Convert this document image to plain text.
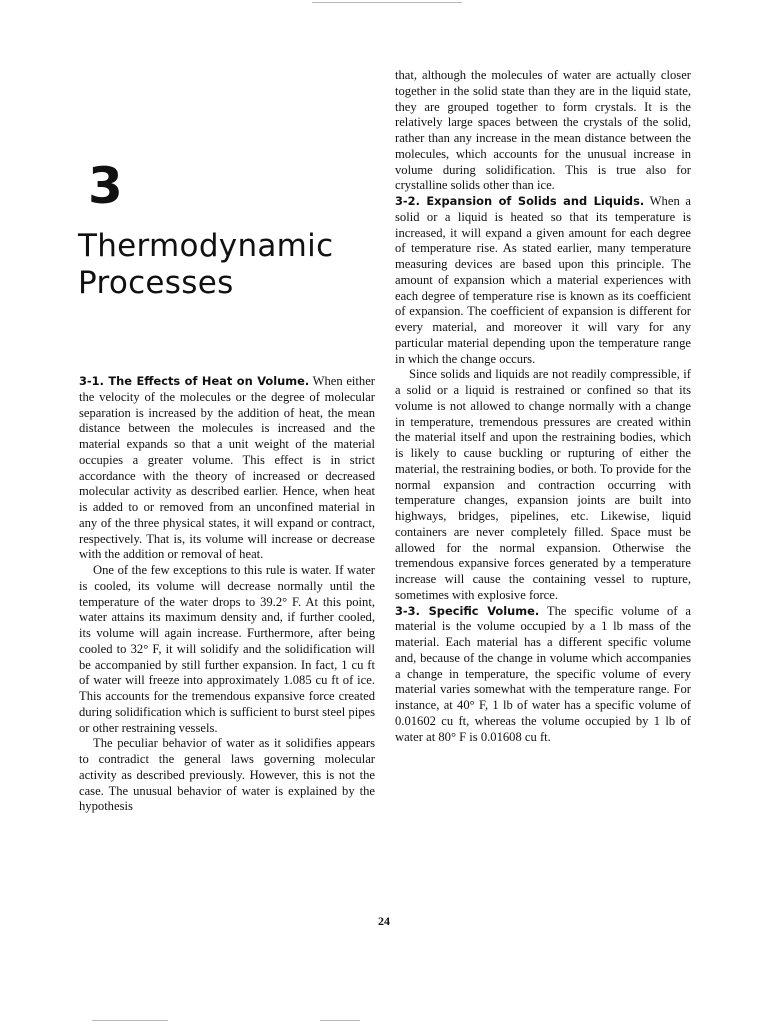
3
Thermodynamic
Processes

3-1. The Effects of Heat on Volume. When either the velocity of the molecules or the degree of molecular separation is increased by the addition of heat, the mean distance between the molecules is increased and the material expands so that a unit weight of the material occupies a greater volume. This effect is in strict accordance with the theory of increased or decreased molecular activity as described earlier. Hence, when heat is added to or removed from an unconfined material in any of the three physical states, it will expand or contract, respectively. That is, its volume will increase or decrease with the addition or removal of heat.

One of the few exceptions to this rule is water. If water is cooled, its volume will decrease normally until the temperature of the water drops to 39.2° F. At this point, water attains its maximum density and, if further cooled, its volume will again increase. Furthermore, after being cooled to 32° F, it will solidify and the solidification will be accompanied by still further expansion. In fact, 1 cu ft of water will freeze into approximately 1.085 cu ft of ice. This accounts for the tremendous expansive force created during solidification which is sufficient to burst steel pipes or other restraining vessels.

The peculiar behavior of water as it solidifies appears to contradict the general laws governing molecular activity as described previously. However, this is not the case. The unusual behavior of water is explained by the hypothesis

that, although the molecules of water are actually closer together in the solid state than they are in the liquid state, they are grouped together to form crystals. It is the relatively large spaces between the crystals of the solid, rather than any increase in the mean distance between the molecules, which accounts for the unusual increase in volume during solidification. This is true also for crystalline solids other than ice.

3-2. Expansion of Solids and Liquids. When a solid or a liquid is heated so that its temperature is increased, it will expand a given amount for each degree of temperature rise. As stated earlier, many temperature measuring devices are based upon this principle. The amount of expansion which a material experiences with each degree of temperature rise is known as its coefficient of expansion. The coefficient of expansion is different for every material, and moreover it will vary for any particular material depending upon the temperature range in which the change occurs.

Since solids and liquids are not readily compressible, if a solid or a liquid is restrained or confined so that its volume is not allowed to change normally with a change in temperature, tremendous pressures are created within the material itself and upon the restraining bodies, which is likely to cause buckling or rupturing of either the material, the restraining bodies, or both. To provide for the normal expansion and contraction occurring with temperature changes, expansion joints are built into highways, bridges, pipelines, etc. Likewise, liquid containers are never completely filled. Space must be allowed for the normal expansion. Otherwise the tremendous expansive forces generated by a temperature increase will cause the containing vessel to rupture, sometimes with explosive force.

3-3. Specific Volume. The specific volume of a material is the volume occupied by a 1 lb mass of the material. Each material has a different specific volume and, because of the change in volume which accompanies a change in temperature, the specific volume of every material varies somewhat with the temperature range. For instance, at 40° F, 1 lb of water has a specific volume of 0.01602 cu ft, whereas the volume occupied by 1 lb of water at 80° F is 0.01608 cu ft.

24
